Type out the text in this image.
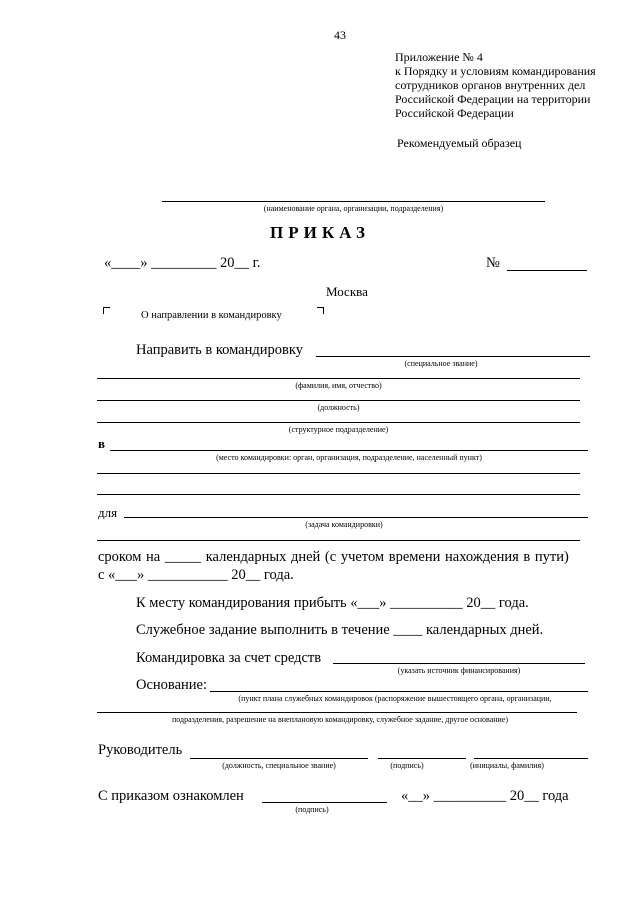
43
Приложение № 4
к Порядку и условиям командирования
сотрудников органов внутренних дел
Российской Федерации на территории
Российской Федерации
Рекомендуемый образец
(наименование органа, организации, подразделения)
ПРИКАЗ
«____» _________ 20__ г.	№
Москва
О направлении в командировку
Направить в командировку
(специальное звание)
(фамилия, имя, отчество)
(должность)
(структурное подразделение)
в
(место командировки: орган, организация, подразделение, населенный пункт)
для
(задача командировки)
сроком на _____ календарных дней (с учетом времени нахождения в пути)
с «___» ___________ 20__ года.
К месту командирования прибыть «___» __________ 20__ года.
Служебное задание выполнить в течение ____ календарных дней.
Командировка за счет средств
(указать источник финансирования)
Основание:
(пункт плана служебных командировок (распоряжение вышестоящего органа, организации,
подразделения, разрешение на внеплановую командировку, служебное задание, другое основание)
Руководитель
(должность, специальное звание)	(подпись)	(инициалы, фамилия)
С приказом ознакомлен
(подпись)
«__» __________ 20__ года
